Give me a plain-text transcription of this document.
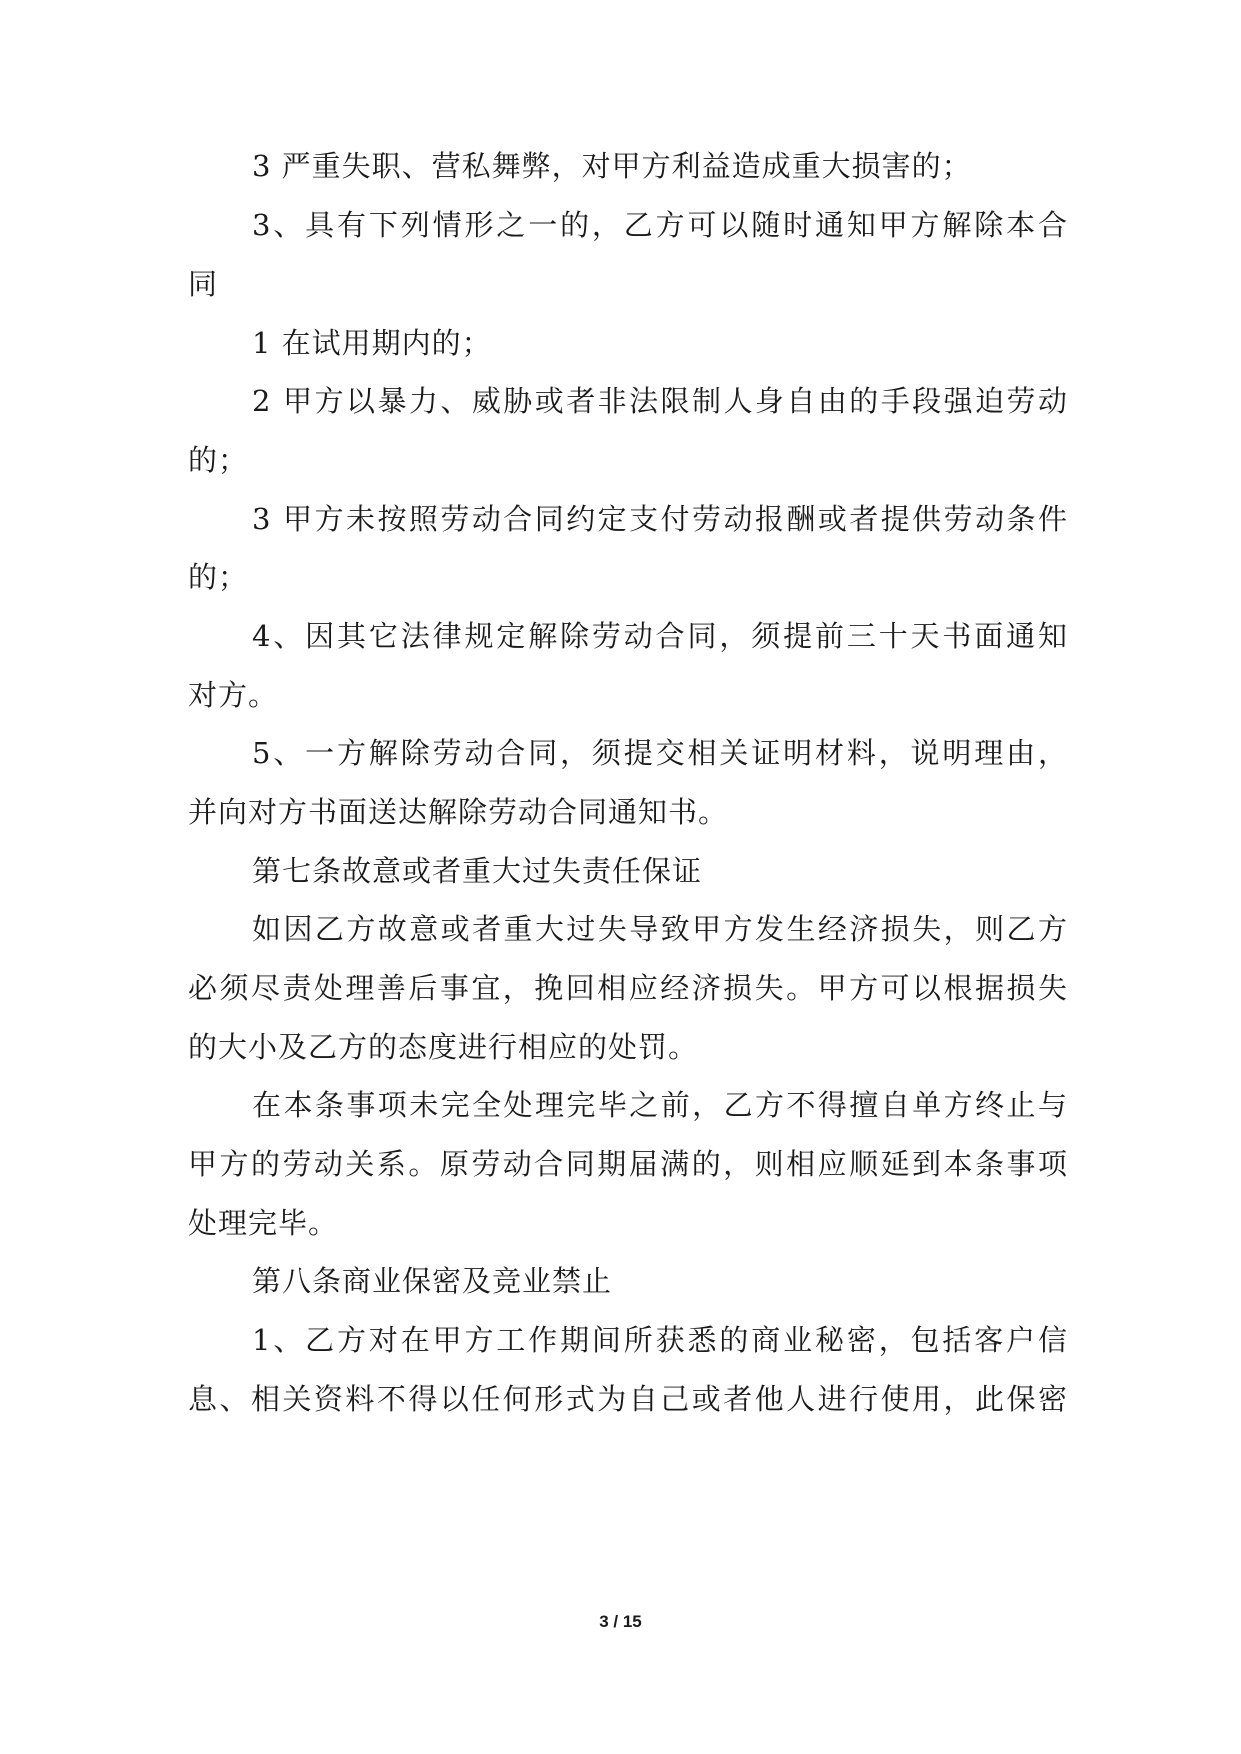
3 严重失职、营私舞弊，对甲方利益造成重大损害的；
3、具有下列情形之一的，乙方可以随时通知甲方解除本合
同
1 在试用期内的；
2 甲方以暴力、威胁或者非法限制人身自由的手段强迫劳动
的；
3 甲方未按照劳动合同约定支付劳动报酬或者提供劳动条件
的；
4、因其它法律规定解除劳动合同，须提前三十天书面通知
对方。
5、一方解除劳动合同，须提交相关证明材料，说明理由，
并向对方书面送达解除劳动合同通知书。
第七条故意或者重大过失责任保证
如因乙方故意或者重大过失导致甲方发生经济损失，则乙方
必须尽责处理善后事宜，挽回相应经济损失。甲方可以根据损失
的大小及乙方的态度进行相应的处罚。
在本条事项未完全处理完毕之前，乙方不得擅自单方终止与
甲方的劳动关系。原劳动合同期届满的，则相应顺延到本条事项
处理完毕。
第八条商业保密及竞业禁止
1、乙方对在甲方工作期间所获悉的商业秘密，包括客户信
息、相关资料不得以任何形式为自己或者他人进行使用，此保密
3 / 15
